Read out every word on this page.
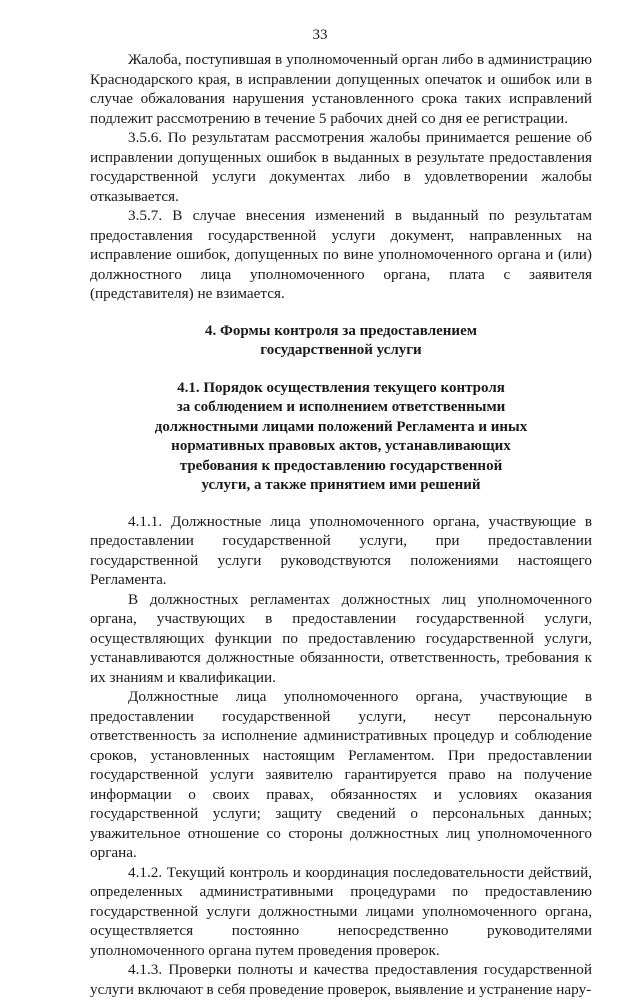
33

Жалоба, поступившая в уполномоченный орган либо в администрацию Краснодарского края, в исправлении допущенных опечаток и ошибок или в случае обжалования нарушения установленного срока таких исправлений подлежит рассмотрению в течение 5 рабочих дней со дня ее регистрации.

3.5.6. По результатам рассмотрения жалобы принимается решение об исправлении допущенных ошибок в выданных в результате предоставления государственной услуги документах либо в удовлетворении жалобы отказывается.

3.5.7. В случае внесения изменений в выданный по результатам предоставления государственной услуги документ, направленных на исправление ошибок, допущенных по вине уполномоченного органа и (или) должностного лица уполномоченного органа, плата с заявителя (представителя) не взимается.

4. Формы контроля за предоставлением
государственной услуги
4.1. Порядок осуществления текущего контроля
за соблюдением и исполнением ответственными
должностными лицами положений Регламента и иных
нормативных правовых актов, устанавливающих
требования к предоставлению государственной
услуги, а также принятием ими решений

4.1.1. Должностные лица уполномоченного органа, участвующие в предоставлении государственной услуги, при предоставлении государственной услуги руководствуются положениями настоящего Регламента.

В должностных регламентах должностных лиц уполномоченного органа, участвующих в предоставлении государственной услуги, осуществляющих функции по предоставлению государственной услуги, устанавливаются должностные обязанности, ответственность, требования к их знаниям и квалификации.

Должностные лица уполномоченного органа, участвующие в предоставлении государственной услуги, несут персональную ответственность за исполнение административных процедур и соблюдение сроков, установленных настоящим Регламентом. При предоставлении государственной услуги заявителю гарантируется право на получение информации о своих правах, обязанностях и условиях оказания государственной услуги; защиту сведений о персональных данных; уважительное отношение со стороны должностных лиц уполномоченного органа.

4.1.2. Текущий контроль и координация последовательности действий, определенных административными процедурами по предоставлению государственной услуги должностными лицами уполномоченного органа, осуществляется постоянно непосредственно руководителями уполномоченного органа путем проведения проверок.

4.1.3. Проверки полноты и качества предоставления государственной услуги включают в себя проведение проверок, выявление и устранение нару-
